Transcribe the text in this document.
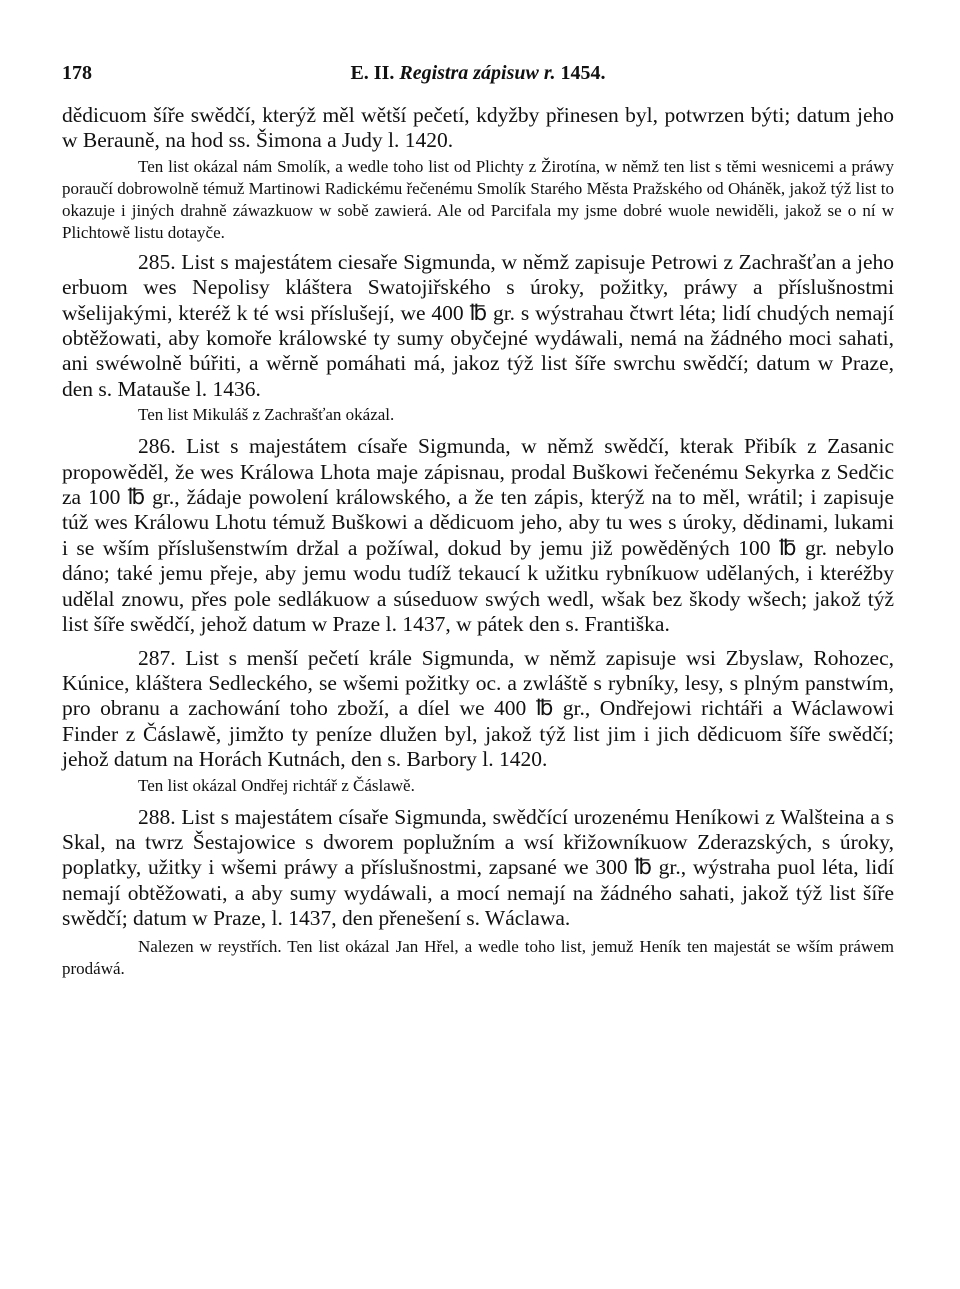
178	E. II. Registra zápisuw r. 1454.

dědicuom šíře swědčí, kterýž měl wětší pečetí, kdyžby přinesen byl, potwrzen býti; datum jeho w Berauně, na hod ss. Šimona a Judy l. 1420.

Ten list okázal nám Smolík, a wedle toho list od Plichty z Žirotína, w němž ten list s těmi wesnicemi a práwy poraučí dobrowolně témuž Martinowi Radickému řečenému Smolík Starého Města Pražského od Oháněk, jakož týž list to okazuje i jiných drahně záwazkuow w sobě zawierá. Ale od Parcifala my jsme dobré wuole newiděli, jakož se o ní w Plichtowě listu dotayče.

285. List s majestátem ciesaře Sigmunda, w němž zapisuje Petrowi z Zachrašťan a jeho erbuom wes Nepolisy kláštera Swatojiřského s úroky, požitky, práwy a příslušnostmi wšelijakými, kteréž k té wsi příslušejí, we 400 ℔ gr. s wýstrahau čtwrt léta; lidí chudých nemají obtěžowati, aby komoře králowské ty sumy obyčejné wydáwali, nemá na žádného moci sahati, ani swéwolně búřiti, a wěrně pomáhati má, jakoz týž list šíře swrchu swědčí; datum w Praze, den s. Matauše l. 1436.

Ten list Mikuláš z Zachrašťan okázal.

286. List s majestátem císaře Sigmunda, w němž swědčí, kterak Přibík z Zasanic propowěděl, že wes Králowa Lhota maje zápisnau, prodal Buškowi řečenému Sekyrka z Sedčic za 100 ℔ gr., žádaje powolení králowského, a že ten zápis, kterýž na to měl, wrátil; i zapisuje túž wes Králowu Lhotu témuž Buškowi a dědicuom jeho, aby tu wes s úroky, dědinami, lukami i se wším příslušenstwím držal a požíwal, dokud by jemu již powěděných 100 ℔ gr. nebylo dáno; také jemu přeje, aby jemu wodu tudíž tekaucí k užitku rybníkuow udělaných, i kteréžby udělal znowu, přes pole sedlákuow a súseduow swých wedl, wšak bez škody wšech; jakož týž list šíře swědčí, jehož datum w Praze l. 1437, w pátek den s. Františka.

287. List s menší pečetí krále Sigmunda, w němž zapisuje wsi Zbyslaw, Rohozec, Kúnice, kláštera Sedleckého, se wšemi požitky oc. a zwláště s rybníky, lesy, s plným panstwím, pro obranu a zachowání toho zboží, a díel we 400 ℔ gr., Ondřejowi richtáři a Wáclawowi Finder z Čáslawě, jimžto ty peníze dlužen byl, jakož týž list jim i jich dědicuom šíře swědčí; jehož datum na Horách Kutnách, den s. Barbory l. 1420.

Ten list okázal Ondřej richtář z Čáslawě.

288. List s majestátem císaře Sigmunda, swědčící urozenému Heníkowi z Walšteina a s Skal, na twrz Šestajowice s dworem poplužním a wsí křižowníkuow Zderazských, s úroky, poplatky, užitky i wšemi práwy a příslušnostmi, zapsané we 300 ℔ gr., wýstraha puol léta, lidí nemají obtěžowati, a aby sumy wydáwali, a mocí nemají na žádného sahati, jakož týž list šíře swědčí; datum w Praze, l. 1437, den přenešení s. Wáclawa.

Nalezen w reystřích. Ten list okázal Jan Hřel, a wedle toho list, jemuž Heník ten majestát se wším práwem prodáwá.
